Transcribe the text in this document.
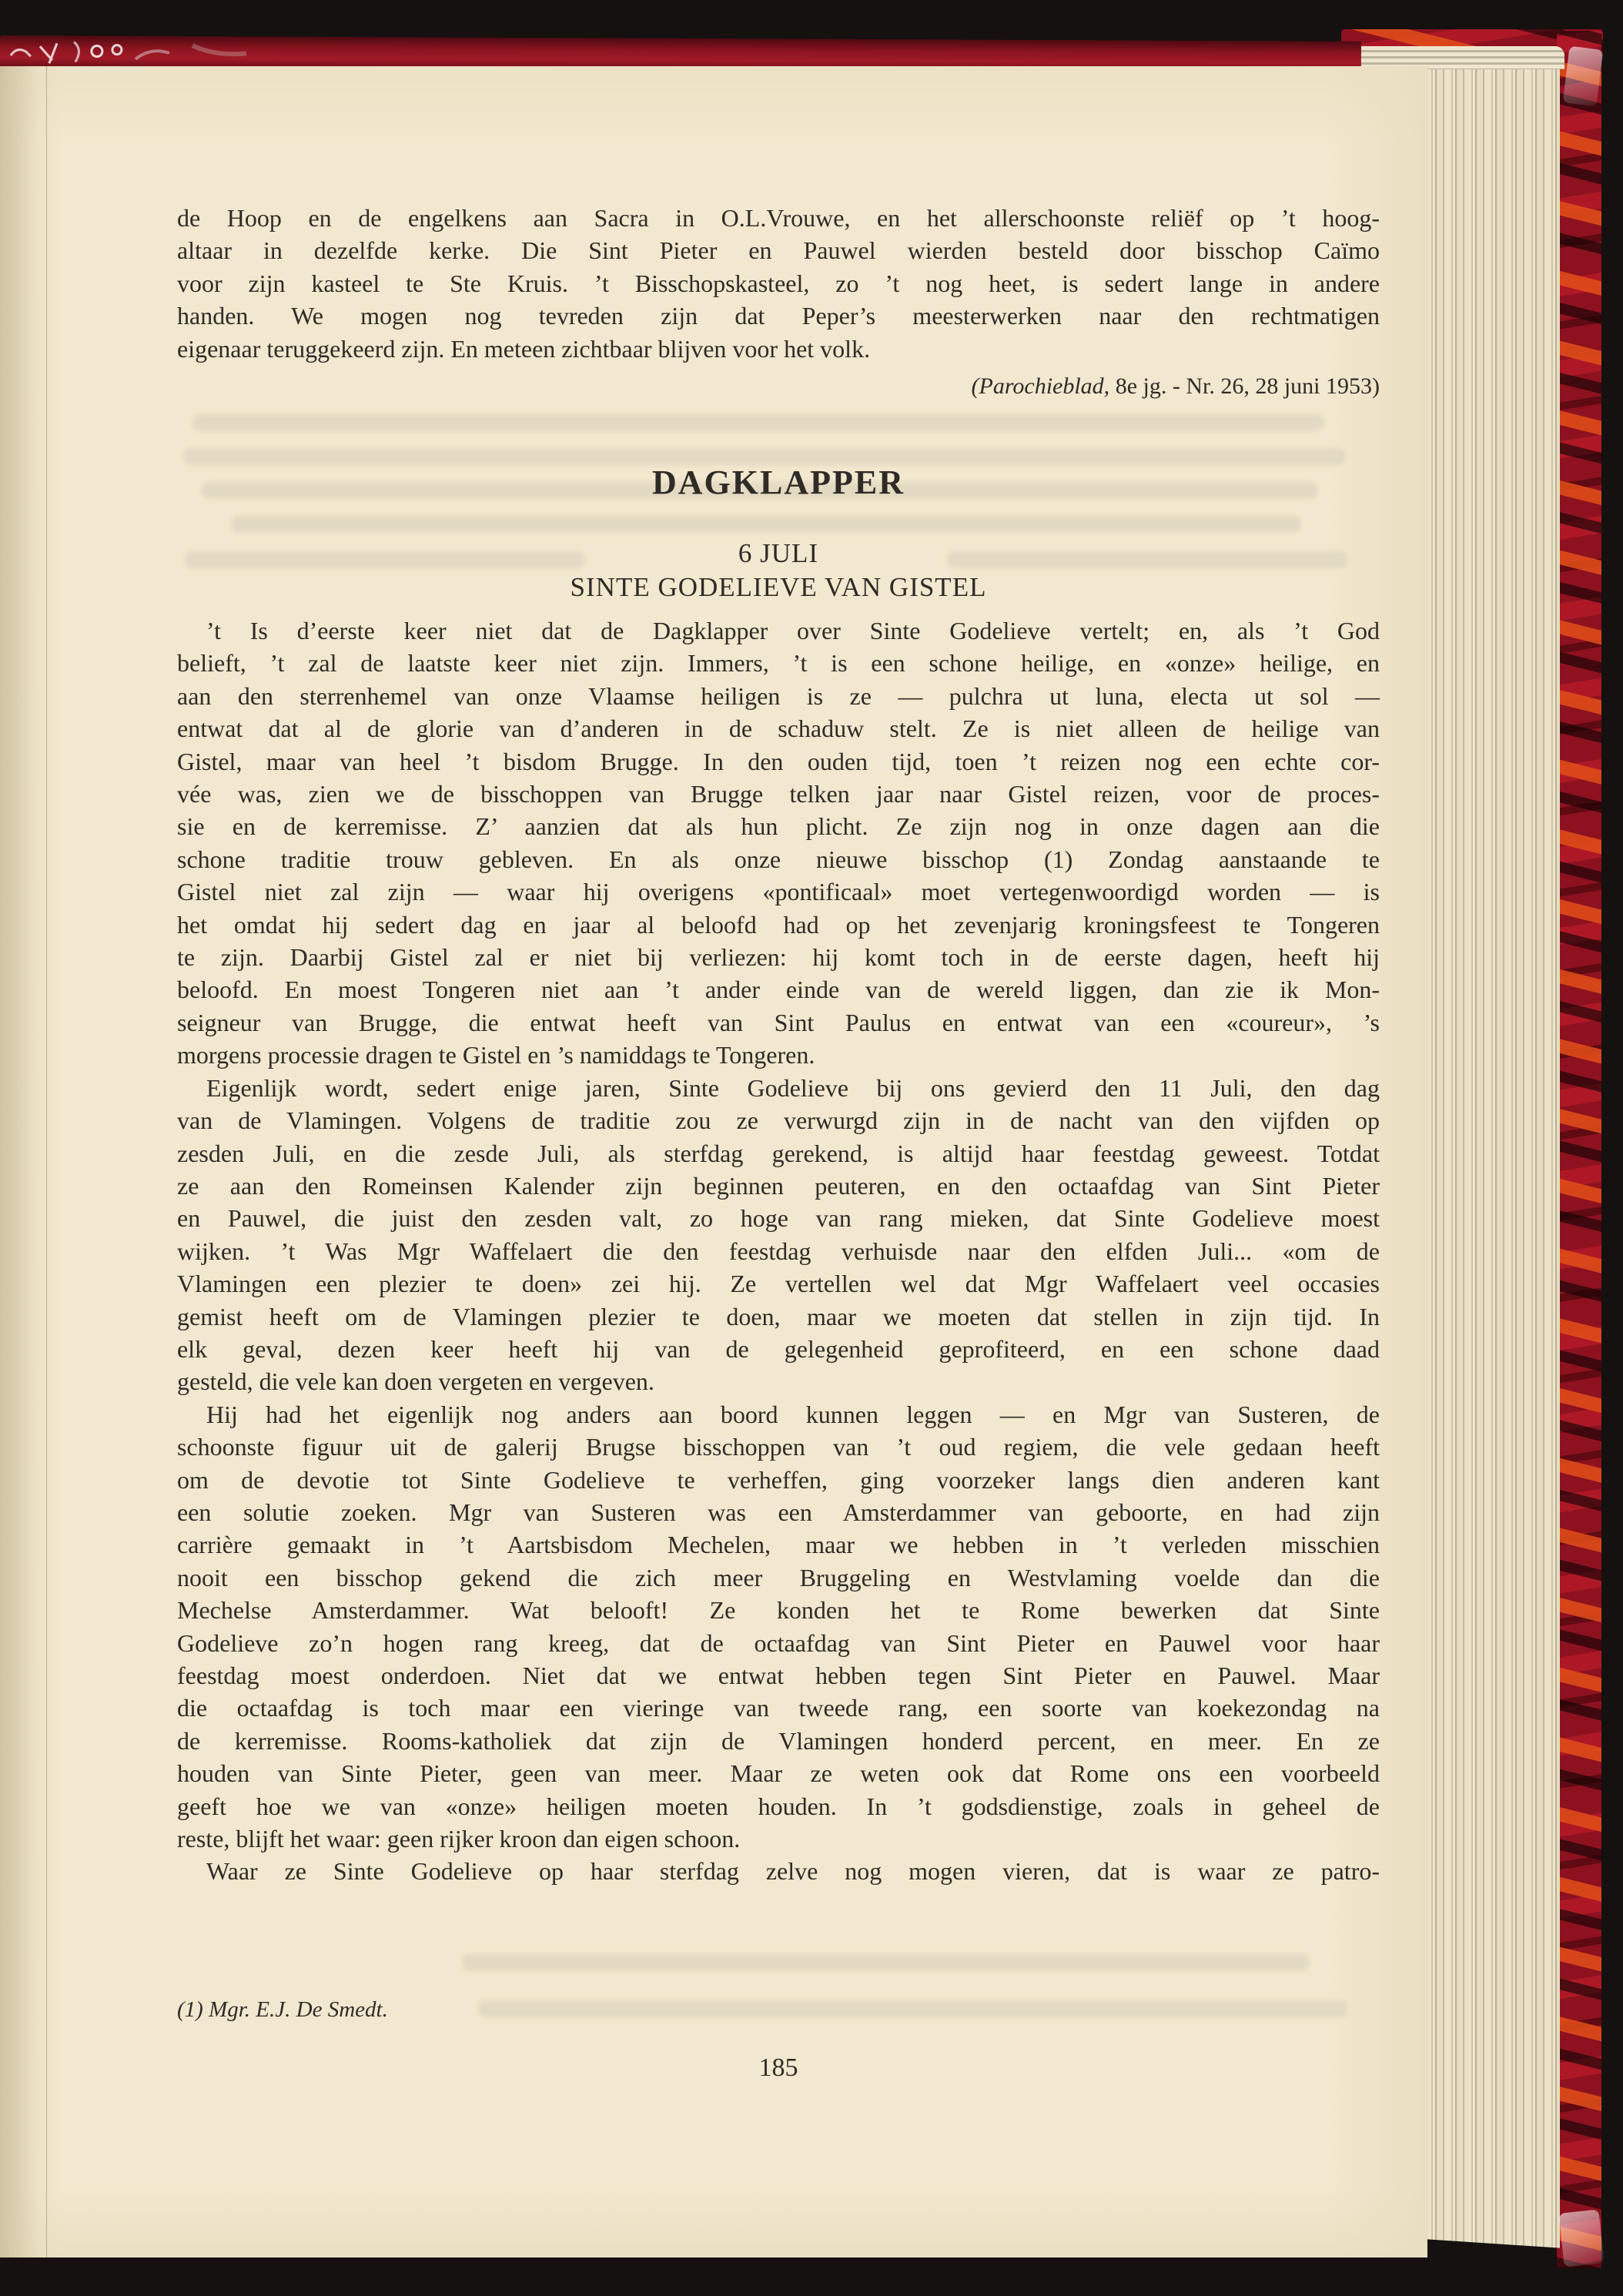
de Hoop en de engelkens aan Sacra in O.L.Vrouwe, en het allerschoonste reliëf op ’t hoog-
altaar in dezelfde kerke. Die Sint Pieter en Pauwel wierden besteld door bisschop Caïmo
voor zijn kasteel te Ste Kruis. ’t Bisschopskasteel, zo ’t nog heet, is sedert lange in andere
handen. We mogen nog tevreden zijn dat Peper’s meesterwerken naar den rechtmatigen
eigenaar teruggekeerd zijn. En meteen zichtbaar blijven voor het volk.
(Parochieblad, 8e jg. - Nr. 26, 28 juni 1953)
DAGKLAPPER
6 JULI
SINTE GODELIEVE VAN GISTEL
’t Is d’eerste keer niet dat de Dagklapper over Sinte Godelieve vertelt; en, als ’t God
belieft, ’t zal de laatste keer niet zijn. Immers, ’t is een schone heilige, en «onze» heilige, en
aan den sterrenhemel van onze Vlaamse heiligen is ze — pulchra ut luna, electa ut sol —
entwat dat al de glorie van d’anderen in de schaduw stelt. Ze is niet alleen de heilige van
Gistel, maar van heel ’t bisdom Brugge. In den ouden tijd, toen ’t reizen nog een echte cor-
vée was, zien we de bisschoppen van Brugge telken jaar naar Gistel reizen, voor de proces-
sie en de kerremisse. Z’ aanzien dat als hun plicht. Ze zijn nog in onze dagen aan die
schone traditie trouw gebleven. En als onze nieuwe bisschop (1) Zondag aanstaande te
Gistel niet zal zijn — waar hij overigens «pontificaal» moet vertegenwoordigd worden — is
het omdat hij sedert dag en jaar al beloofd had op het zevenjarig kroningsfeest te Tongeren
te zijn. Daarbij Gistel zal er niet bij verliezen: hij komt toch in de eerste dagen, heeft hij
beloofd. En moest Tongeren niet aan ’t ander einde van de wereld liggen, dan zie ik Mon-
seigneur van Brugge, die entwat heeft van Sint Paulus en entwat van een «coureur», ’s
morgens processie dragen te Gistel en ’s namiddags te Tongeren.
Eigenlijk wordt, sedert enige jaren, Sinte Godelieve bij ons gevierd den 11 Juli, den dag
van de Vlamingen. Volgens de traditie zou ze verwurgd zijn in de nacht van den vijfden op
zesden Juli, en die zesde Juli, als sterfdag gerekend, is altijd haar feestdag geweest. Totdat
ze aan den Romeinsen Kalender zijn beginnen peuteren, en den octaafdag van Sint Pieter
en Pauwel, die juist den zesden valt, zo hoge van rang mieken, dat Sinte Godelieve moest
wijken. ’t Was Mgr Waffelaert die den feestdag verhuisde naar den elfden Juli... «om de
Vlamingen een plezier te doen» zei hij. Ze vertellen wel dat Mgr Waffelaert veel occasies
gemist heeft om de Vlamingen plezier te doen, maar we moeten dat stellen in zijn tijd. In
elk geval, dezen keer heeft hij van de gelegenheid geprofiteerd, en een schone daad
gesteld, die vele kan doen vergeten en vergeven.
Hij had het eigenlijk nog anders aan boord kunnen leggen — en Mgr van Susteren, de
schoonste figuur uit de galerij Brugse bisschoppen van ’t oud regiem, die vele gedaan heeft
om de devotie tot Sinte Godelieve te verheffen, ging voorzeker langs dien anderen kant
een solutie zoeken. Mgr van Susteren was een Amsterdammer van geboorte, en had zijn
carrière gemaakt in ’t Aartsbisdom Mechelen, maar we hebben in ’t verleden misschien
nooit een bisschop gekend die zich meer Bruggeling en Westvlaming voelde dan die
Mechelse Amsterdammer. Wat belooft! Ze konden het te Rome bewerken dat Sinte
Godelieve zo’n hogen rang kreeg, dat de octaafdag van Sint Pieter en Pauwel voor haar
feestdag moest onderdoen. Niet dat we entwat hebben tegen Sint Pieter en Pauwel. Maar
die octaafdag is toch maar een vieringe van tweede rang, een soorte van koekezondag na
de kerremisse. Rooms-katholiek dat zijn de Vlamingen honderd percent, en meer. En ze
houden van Sinte Pieter, geen van meer. Maar ze weten ook dat Rome ons een voorbeeld
geeft hoe we van «onze» heiligen moeten houden. In ’t godsdienstige, zoals in geheel de
reste, blijft het waar: geen rijker kroon dan eigen schoon.
Waar ze Sinte Godelieve op haar sterfdag zelve nog mogen vieren, dat is waar ze patro-
(1) Mgr. E.J. De Smedt.
185
